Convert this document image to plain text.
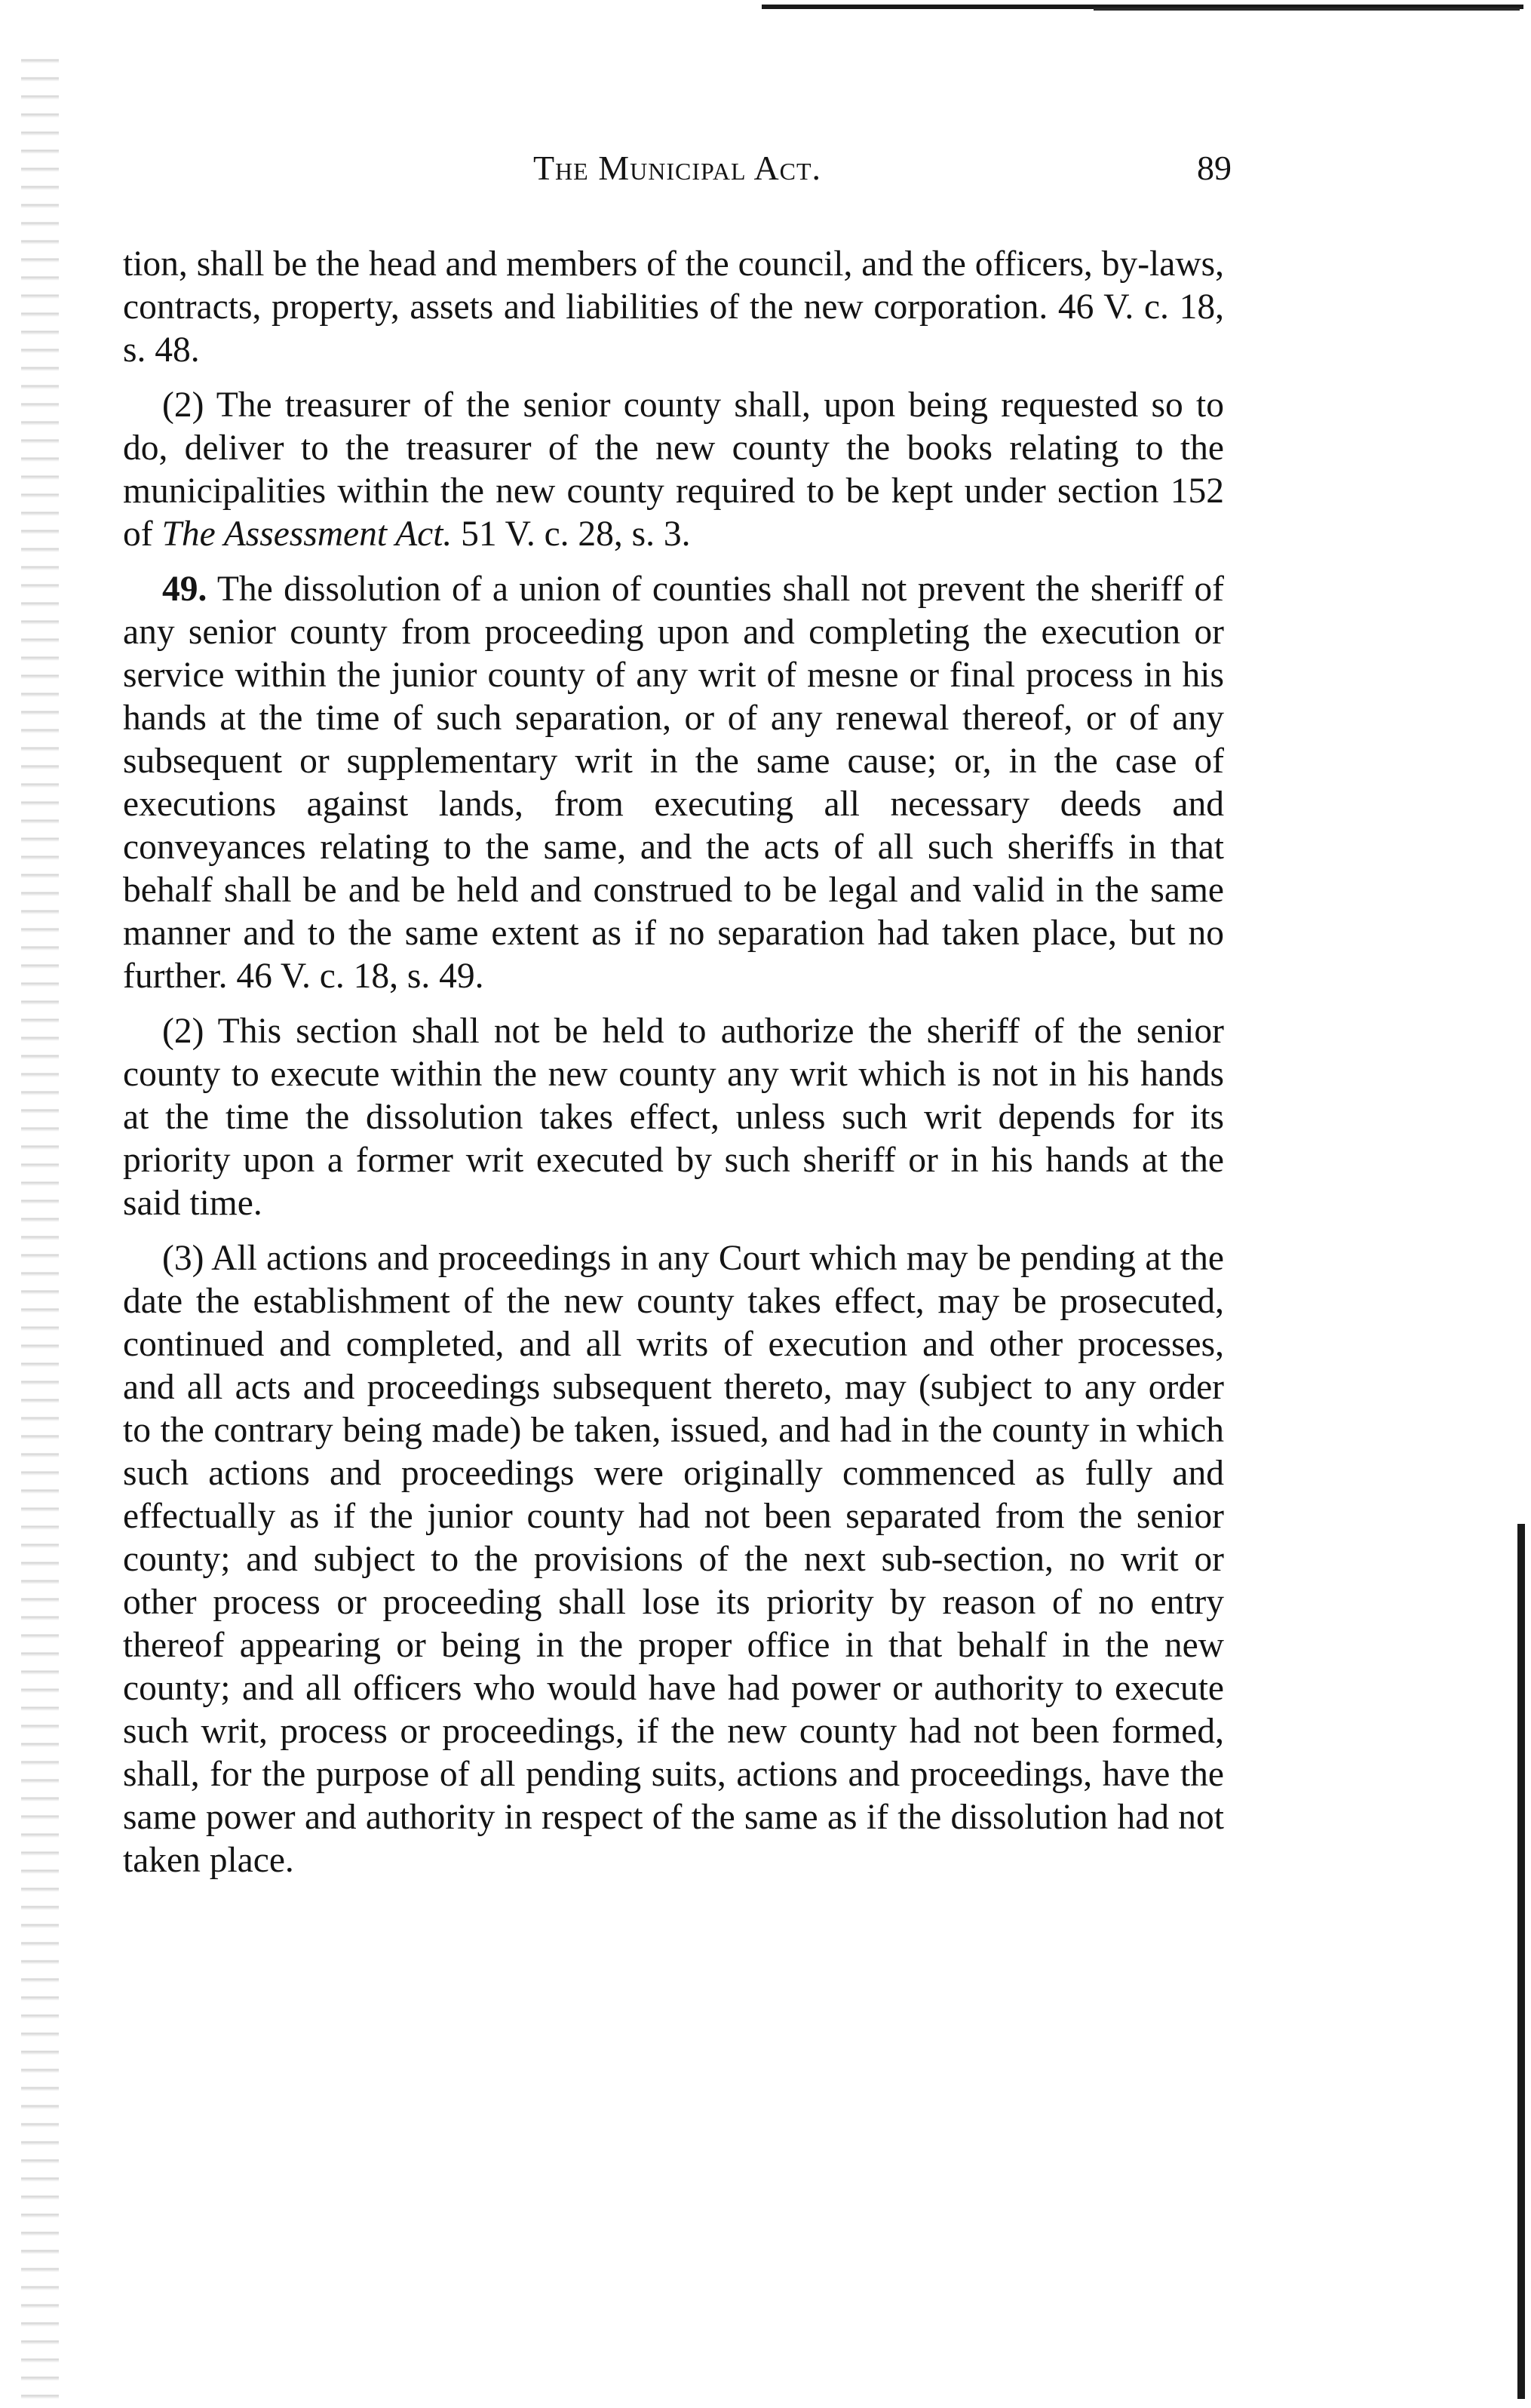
The Municipal Act.	89

tion, shall be the head and members of the council, and the officers, by-laws, contracts, property, assets and liabilities of the new corporation. 46 V. c. 18, s. 48.

(2) The treasurer of the senior county shall, upon being requested so to do, deliver to the treasurer of the new county the books relating to the municipalities within the new county required to be kept under section 152 of The Assessment Act. 51 V. c. 28, s. 3.

49. The dissolution of a union of counties shall not prevent the sheriff of any senior county from proceeding upon and completing the execution or service within the junior county of any writ of mesne or final process in his hands at the time of such separation, or of any renewal thereof, or of any subsequent or supplementary writ in the same cause; or, in the case of executions against lands, from executing all necessary deeds and conveyances relating to the same, and the acts of all such sheriffs in that behalf shall be and be held and construed to be legal and valid in the same manner and to the same extent as if no separation had taken place, but no further. 46 V. c. 18, s. 49.

(2) This section shall not be held to authorize the sheriff of the senior county to execute within the new county any writ which is not in his hands at the time the dissolution takes effect, unless such writ depends for its priority upon a former writ executed by such sheriff or in his hands at the said time.

(3) All actions and proceedings in any Court which may be pending at the date the establishment of the new county takes effect, may be prosecuted, continued and completed, and all writs of execution and other processes, and all acts and proceedings subsequent thereto, may (subject to any order to the contrary being made) be taken, issued, and had in the county in which such actions and proceedings were originally commenced as fully and effectually as if the junior county had not been separated from the senior county; and subject to the provisions of the next sub-section, no writ or other process or proceeding shall lose its priority by reason of no entry thereof appearing or being in the proper office in that behalf in the new county; and all officers who would have had power or authority to execute such writ, process or proceedings, if the new county had not been formed, shall, for the purpose of all pending suits, actions and proceedings, have the same power and authority in respect of the same as if the dissolution had not taken place.
